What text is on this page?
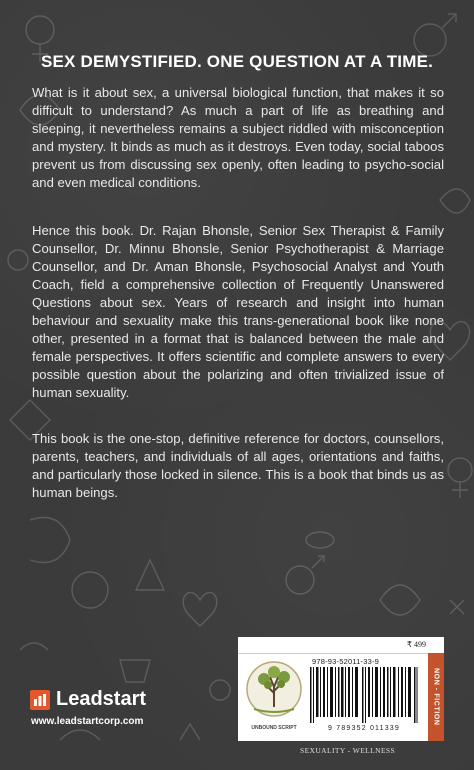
SEX DEMYSTIFIED. ONE QUESTION AT A TIME.

What is it about sex, a universal biological function, that makes it so difficult to understand? As much a part of life as breathing and sleeping, it nevertheless remains a subject riddled with misconception and mystery. It binds as much as it destroys. Even today, social taboos prevent us from discussing sex openly, often leading to psycho-social and even medical conditions.

Hence this book. Dr. Rajan Bhonsle, Senior Sex Therapist & Family Counsellor, Dr. Minnu Bhonsle, Senior Psychotherapist & Marriage Counsellor, and Dr. Aman Bhonsle, Psychosocial Analyst and Youth Coach, field a comprehensive collection of Frequently Unanswered Questions about sex. Years of research and insight into human behaviour and sexuality make this trans-generational book like none other, presented in a format that is balanced between the male and female perspectives. It offers scientific and complete answers to every possible question about the polarizing and often trivialized issue of human sexuality.

This book is the one-stop, definitive reference for doctors, counsellors, parents, teachers, and individuals of all ages, orientations and faiths, and particularly those locked in silence. This is a book that binds us as human beings.

Leadstart
www.leadstartcorp.com
₹ 499
UNBOUND SCRIPT
978-93-52011-33-9
9 789352 011339
NON - FICTION
SEXUALITY - WELLNESS
